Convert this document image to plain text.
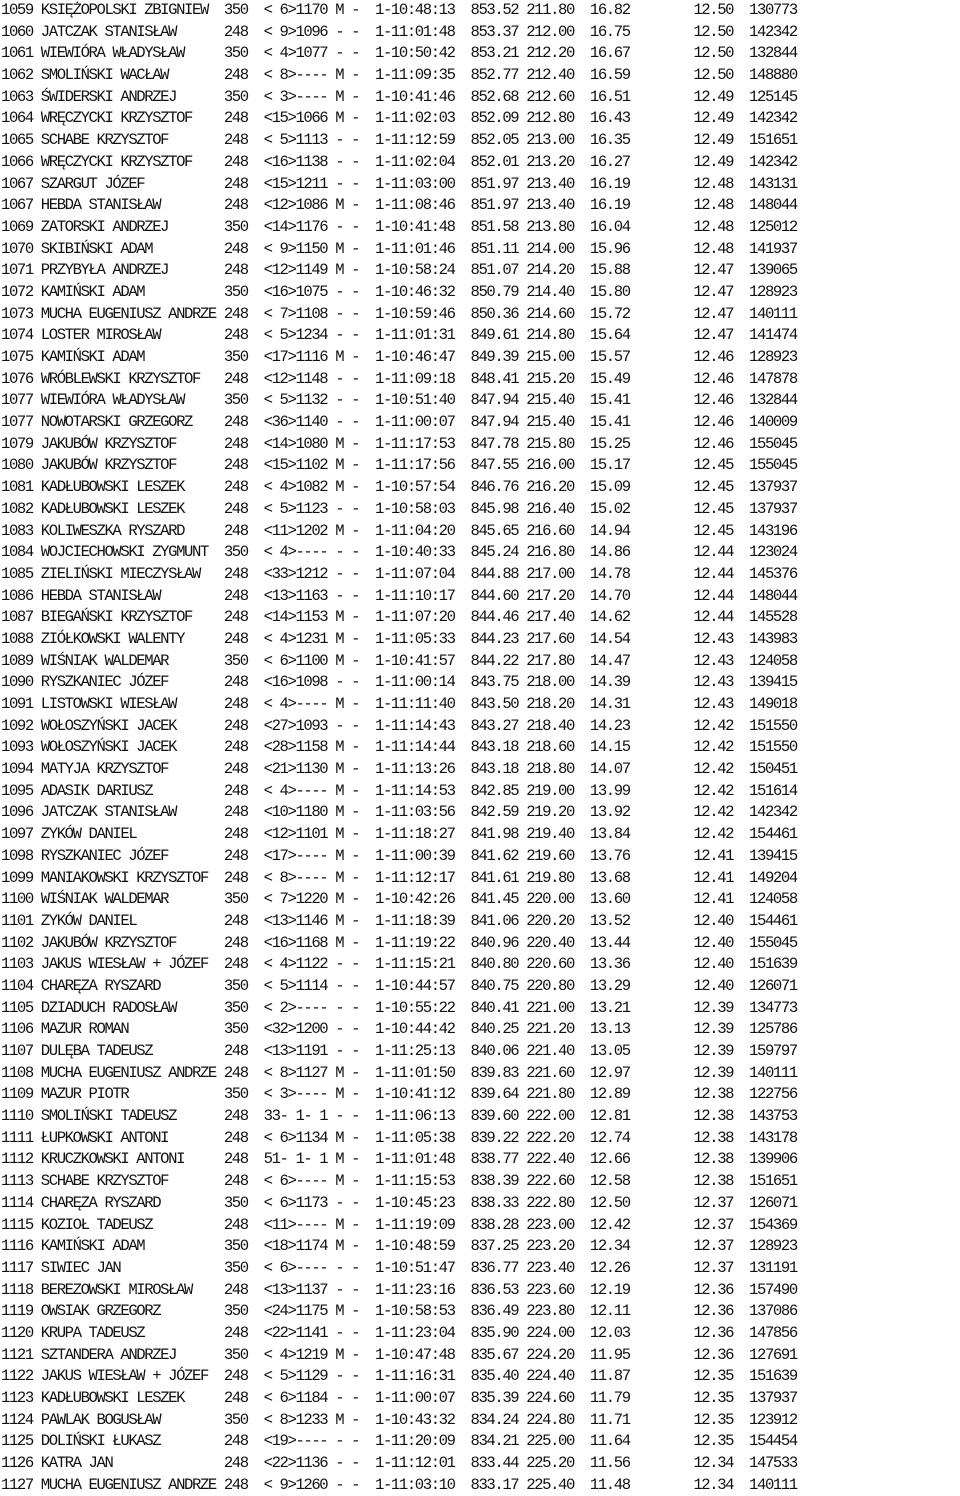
1059 KSIĘŻOPOLSKI ZBIGNIEW  350  < 6>1170 M -  1-10:48:13  853.52 211.80  16.82        12.50  130773
1060 JATCZAK STANISŁAW      248  < 9>1096 - -  1-11:01:48  853.37 212.00  16.75        12.50  142342
1061 WIEWIÓRA WŁADYSŁAW     350  < 4>1077 - -  1-10:50:42  853.21 212.20  16.67        12.50  132844
1062 SMOLIŃSKI WACŁAW       248  < 8>---- M -  1-11:09:35  852.77 212.40  16.59        12.50  148880
1063 ŚWIDERSKI ANDRZEJ      350  < 3>---- M -  1-10:41:46  852.68 212.60  16.51        12.49  125145
1064 WRĘCZYCKI KRZYSZTOF    248  <15>1066 M -  1-11:02:03  852.09 212.80  16.43        12.49  142342
1065 SCHABE KRZYSZTOF       248  < 5>1113 - -  1-11:12:59  852.05 213.00  16.35        12.49  151651
1066 WRĘCZYCKI KRZYSZTOF    248  <16>1138 - -  1-11:02:04  852.01 213.20  16.27        12.49  142342
1067 SZARGUT JÓZEF          248  <15>1211 - -  1-11:03:00  851.97 213.40  16.19        12.48  143131
1067 HEBDA STANISŁAW        248  <12>1086 M -  1-11:08:46  851.97 213.40  16.19        12.48  148044
1069 ZATORSKI ANDRZEJ       350  <14>1176 - -  1-10:41:48  851.58 213.80  16.04        12.48  125012
1070 SKIBIŃSKI ADAM         248  < 9>1150 M -  1-11:01:46  851.11 214.00  15.96        12.48  141937
1071 PRZYBYŁA ANDRZEJ       248  <12>1149 M -  1-10:58:24  851.07 214.20  15.88        12.47  139065
1072 KAMIŃSKI ADAM          350  <16>1075 - -  1-10:46:32  850.79 214.40  15.80        12.47  128923
1073 MUCHA EUGENIUSZ ANDRZE 248  < 7>1108 - -  1-10:59:46  850.36 214.60  15.72        12.47  140111
1074 LOSTER MIROSŁAW        248  < 5>1234 - -  1-11:01:31  849.61 214.80  15.64        12.47  141474
1075 KAMIŃSKI ADAM          350  <17>1116 M -  1-10:46:47  849.39 215.00  15.57        12.46  128923
1076 WRÓBLEWSKI KRZYSZTOF   248  <12>1148 - -  1-11:09:18  848.41 215.20  15.49        12.46  147878
1077 WIEWIÓRA WŁADYSŁAW     350  < 5>1132 - -  1-10:51:40  847.94 215.40  15.41        12.46  132844
1077 NOWOTARSKI GRZEGORZ    248  <36>1140 - -  1-11:00:07  847.94 215.40  15.41        12.46  140009
1079 JAKUBÓW KRZYSZTOF      248  <14>1080 M -  1-11:17:53  847.78 215.80  15.25        12.46  155045
1080 JAKUBÓW KRZYSZTOF      248  <15>1102 M -  1-11:17:56  847.55 216.00  15.17        12.45  155045
1081 KADŁUBOWSKI LESZEK     248  < 4>1082 M -  1-10:57:54  846.76 216.20  15.09        12.45  137937
1082 KADŁUBOWSKI LESZEK     248  < 5>1123 - -  1-10:58:03  845.98 216.40  15.02        12.45  137937
1083 KOLIWESZKA RYSZARD     248  <11>1202 M -  1-11:04:20  845.65 216.60  14.94        12.45  143196
1084 WOJCIECHOWSKI ZYGMUNT  350  < 4>---- - -  1-10:40:33  845.24 216.80  14.86        12.44  123024
1085 ZIELIŃSKI MIECZYSŁAW   248  <33>1212 - -  1-11:07:04  844.88 217.00  14.78        12.44  145376
1086 HEBDA STANISŁAW        248  <13>1163 - -  1-11:10:17  844.60 217.20  14.70        12.44  148044
1087 BIEGAŃSKI KRZYSZTOF    248  <14>1153 M -  1-11:07:20  844.46 217.40  14.62        12.44  145528
1088 ZIÓŁKOWSKI WALENTY     248  < 4>1231 M -  1-11:05:33  844.23 217.60  14.54        12.43  143983
1089 WIŚNIAK WALDEMAR       350  < 6>1100 M -  1-10:41:57  844.22 217.80  14.47        12.43  124058
1090 RYSZKANIEC JÓZEF       248  <16>1098 - -  1-11:00:14  843.75 218.00  14.39        12.43  139415
1091 LISTOWSKI WIESŁAW      248  < 4>---- M -  1-11:11:40  843.50 218.20  14.31        12.43  149018
1092 WOŁOSZYŃSKI JACEK      248  <27>1093 - -  1-11:14:43  843.27 218.40  14.23        12.42  151550
1093 WOŁOSZYŃSKI JACEK      248  <28>1158 M -  1-11:14:44  843.18 218.60  14.15        12.42  151550
1094 MATYJA KRZYSZTOF       248  <21>1130 M -  1-11:13:26  843.18 218.80  14.07        12.42  150451
1095 ADASIK DARIUSZ         248  < 4>---- M -  1-11:14:53  842.85 219.00  13.99        12.42  151614
1096 JATCZAK STANISŁAW      248  <10>1180 M -  1-11:03:56  842.59 219.20  13.92        12.42  142342
1097 ZYKÓW DANIEL           248  <12>1101 M -  1-11:18:27  841.98 219.40  13.84        12.42  154461
1098 RYSZKANIEC JÓZEF       248  <17>---- M -  1-11:00:39  841.62 219.60  13.76        12.41  139415
1099 MANIAKOWSKI KRZYSZTOF  248  < 8>---- M -  1-11:12:17  841.61 219.80  13.68        12.41  149204
1100 WIŚNIAK WALDEMAR       350  < 7>1220 M -  1-10:42:26  841.45 220.00  13.60        12.41  124058
1101 ZYKÓW DANIEL           248  <13>1146 M -  1-11:18:39  841.06 220.20  13.52        12.40  154461
1102 JAKUBÓW KRZYSZTOF      248  <16>1168 M -  1-11:19:22  840.96 220.40  13.44        12.40  155045
1103 JAKUS WIESŁAW + JÓZEF  248  < 4>1122 - -  1-11:15:21  840.80 220.60  13.36        12.40  151639
1104 CHARĘZA RYSZARD        350  < 5>1114 - -  1-10:44:57  840.75 220.80  13.29        12.40  126071
1105 DZIADUCH RADOSŁAW      350  < 2>---- - -  1-10:55:22  840.41 221.00  13.21        12.39  134773
1106 MAZUR ROMAN            350  <32>1200 - -  1-10:44:42  840.25 221.20  13.13        12.39  125786
1107 DULĘBA TADEUSZ         248  <13>1191 - -  1-11:25:13  840.06 221.40  13.05        12.39  159797
1108 MUCHA EUGENIUSZ ANDRZE 248  < 8>1127 M -  1-11:01:50  839.83 221.60  12.97        12.39  140111
1109 MAZUR PIOTR            350  < 3>---- M -  1-10:41:12  839.64 221.80  12.89        12.38  122756
1110 SMOLIŃSKI TADEUSZ      248  33- 1- 1 - -  1-11:06:13  839.60 222.00  12.81        12.38  143753
1111 ŁUPKOWSKI ANTONI       248  < 6>1134 M -  1-11:05:38  839.22 222.20  12.74        12.38  143178
1112 KRUCZKOWSKI ANTONI     248  51- 1- 1 M -  1-11:01:48  838.77 222.40  12.66        12.38  139906
1113 SCHABE KRZYSZTOF       248  < 6>---- M -  1-11:15:53  838.39 222.60  12.58        12.38  151651
1114 CHARĘZA RYSZARD        350  < 6>1173 - -  1-10:45:23  838.33 222.80  12.50        12.37  126071
1115 KOZIOŁ TADEUSZ         248  <11>---- M -  1-11:19:09  838.28 223.00  12.42        12.37  154369
1116 KAMIŃSKI ADAM          350  <18>1174 M -  1-10:48:59  837.25 223.20  12.34        12.37  128923
1117 SIWIEC JAN             350  < 6>---- - -  1-10:51:47  836.77 223.40  12.26        12.37  131191
1118 BEREZOWSKI MIROSŁAW    248  <13>1137 - -  1-11:23:16  836.53 223.60  12.19        12.36  157490
1119 OWSIAK GRZEGORZ        350  <24>1175 M -  1-10:58:53  836.49 223.80  12.11        12.36  137086
1120 KRUPA TADEUSZ          248  <22>1141 - -  1-11:23:04  835.90 224.00  12.03        12.36  147856
1121 SZTANDERA ANDRZEJ      350  < 4>1219 M -  1-10:47:48  835.67 224.20  11.95        12.36  127691
1122 JAKUS WIESŁAW + JÓZEF  248  < 5>1129 - -  1-11:16:31  835.40 224.40  11.87        12.35  151639
1123 KADŁUBOWSKI LESZEK     248  < 6>1184 - -  1-11:00:07  835.39 224.60  11.79        12.35  137937
1124 PAWLAK BOGUSŁAW        350  < 8>1233 M -  1-10:43:32  834.24 224.80  11.71        12.35  123912
1125 DOLIŃSKI ŁUKASZ        248  <19>---- - -  1-11:20:09  834.21 225.00  11.64        12.35  154454
1126 KATRA JAN              248  <22>1136 - -  1-11:12:01  833.44 225.20  11.56        12.34  147533
1127 MUCHA EUGENIUSZ ANDRZE 248  < 9>1260 - -  1-11:03:10  833.17 225.40  11.48        12.34  140111
